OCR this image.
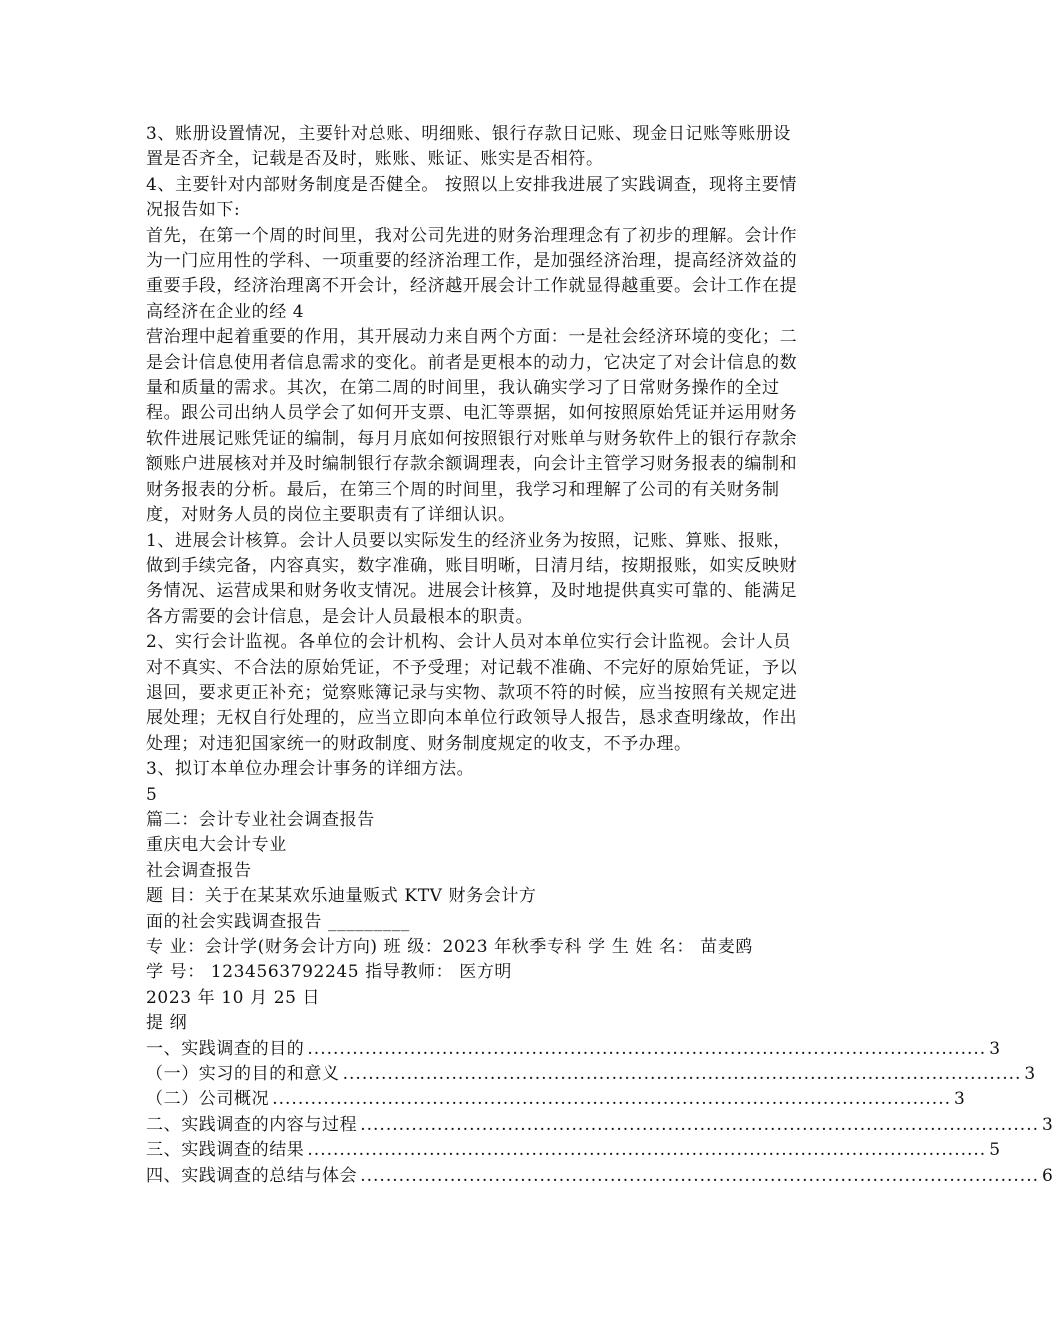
3、账册设置情况，主要针对总账、明细账、银行存款日记账、现金日记账等账册设置是否齐全，记载是否及时，账账、账证、账实是否相符。

4、主要针对内部财务制度是否健全。 按照以上安排我进展了实践调查，现将主要情况报告如下:

首先，在第一个周的时间里，我对公司先进的财务治理理念有了初步的理解。会计作为一门应用性的学科、一项重要的经济治理工作，是加强经济治理，提高经济效益的重要手段，经济治理离不开会计，经济越开展会计工作就显得越重要。会计工作在提高经济在企业的经 4

营治理中起着重要的作用，其开展动力来自两个方面：一是社会经济环境的变化；二是会计信息使用者信息需求的变化。前者是更根本的动力，它决定了对会计信息的数量和质量的需求。其次，在第二周的时间里，我认确实学习了日常财务操作的全过程。跟公司出纳人员学会了如何开支票、电汇等票据，如何按照原始凭证并运用财务软件进展记账凭证的编制，每月月底如何按照银行对账单与财务软件上的银行存款余额账户进展核对并及时编制银行存款余额调理表，向会计主管学习财务报表的编制和财务报表的分析。最后，在第三个周的时间里，我学习和理解了公司的有关财务制度，对财务人员的岗位主要职责有了详细认识。

1、进展会计核算。会计人员要以实际发生的经济业务为按照，记账、算账、报账，做到手续完备，内容真实，数字准确，账目明晰，日清月结，按期报账，如实反映财务情况、运营成果和财务收支情况。进展会计核算，及时地提供真实可靠的、能满足各方需要的会计信息，是会计人员最根本的职责。

2、实行会计监视。各单位的会计机构、会计人员对本单位实行会计监视。会计人员对不真实、不合法的原始凭证，不予受理；对记载不准确、不完好的原始凭证，予以退回，要求更正补充；觉察账簿记录与实物、款项不符的时候，应当按照有关规定进展处理；无权自行处理的，应当立即向本单位行政领导人报告，恳求查明缘故，作出处理；对违犯国家统一的财政制度、财务制度规定的收支，不予办理。

3、拟订本单位办理会计事务的详细方法。

5

篇二：会计专业社会调查报告

重庆电大会计专业

社会调查报告

题 目：关于在某某欢乐迪量贩式 KTV 财务会计方

面的社会实践调查报告 _________

专 业：会计学(财务会计方向) 班 级：2023 年秋季专科 学 生 姓 名： 苗麦鸥

学 号： 1234563792245 指导教师： 医方明

2023 年 10 月 25 日

提 纲

一、实践调查的目的 .......................................................................................................... 3
（一）实习的目的和意义 .......................................................................................................... 3
（二）公司概况 .......................................................................................................... 3
二、实践调查的内容与过程 .......................................................................................................... 3
三、实践调查的结果 .......................................................................................................... 5
四、实践调查的总结与体会 .......................................................................................................... 6
